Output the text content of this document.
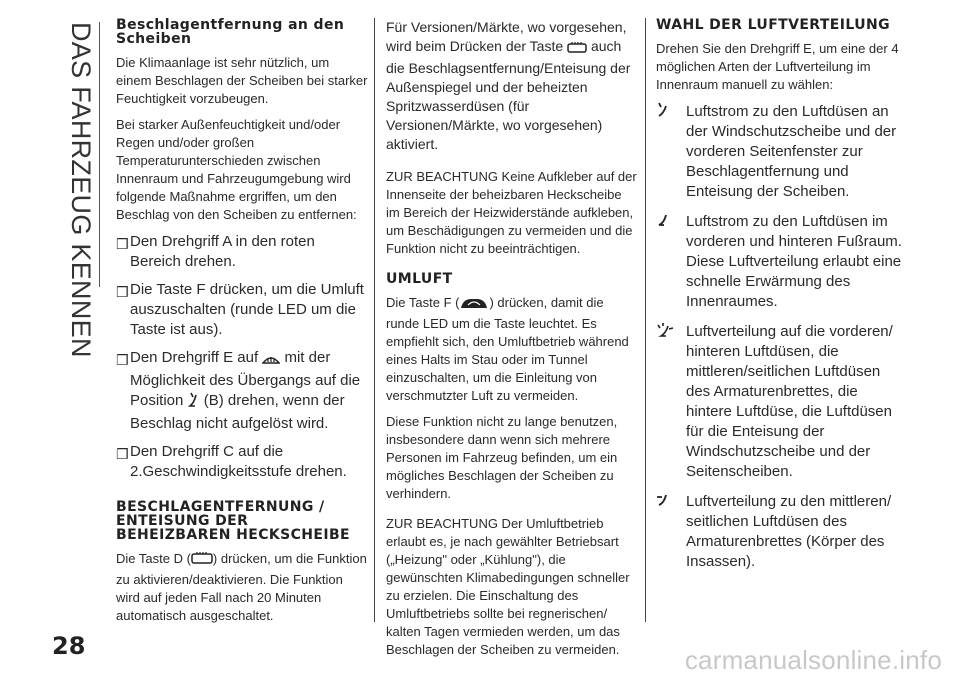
DAS FAHRZEUG KENNEN Beschlagentfernung an den Scheiben

Die Klimaanlage ist sehr nützlich, um einem Beschlagen der Scheiben bei starker Feuchtigkeit vorzubeugen.

Bei starker Außenfeuchtigkeit und/oder Regen und/oder großen Temperaturunterschieden zwischen Innenraum und Fahrzeugumgebung wird folgende Maßnahme ergriffen, um den Beschlag von den Scheiben zu entfernen:

❒ Den Drehgriff A in den roten Bereich drehen.
❒ Die Taste F drücken, um die Umluft auszuschalten (runde LED um die Taste ist aus).
❒ Den Drehgriff E auf mit der Möglichkeit des Übergangs auf die Position (B) drehen, wenn der Beschlag nicht aufgelöst wird.
❒ Den Drehgriff C auf die 2.Geschwindigkeitsstufe drehen.
BESCHLAGENTFERNUNG / ENTEISUNG DER BEHEIZBAREN HECKSCHEIBE

Die Taste D ( ) drücken, um die Funktion zu aktivieren/deaktivieren. Die Funktion wird auf jeden Fall nach 20 Minuten automatisch ausgeschaltet.

Für Versionen/Märkte, wo vorgesehen, wird beim Drücken der Taste auch die Beschlagsentfernung/Enteisung der Außenspiegel und der beheizten Spritzwasserdüsen (für Versionen/Märkte, wo vorgesehen) aktiviert.

ZUR BEACHTUNG Keine Aufkleber auf der Innenseite der beheizbaren Heckscheibe im Bereich der Heizwiderstände aufkleben, um Beschädigungen zu vermeiden und die Funktion nicht zu beeinträchtigen.

UMLUFT

Die Taste F ( ) drücken, damit die runde LED um die Taste leuchtet. Es empfiehlt sich, den Umluftbetrieb während eines Halts im Stau oder im Tunnel einzuschalten, um die Einleitung von verschmutzter Luft zu vermeiden.

Diese Funktion nicht zu lange benutzen, insbesondere dann wenn sich mehrere Personen im Fahrzeug befinden, um ein mögliches Beschlagen der Scheiben zu verhindern.

ZUR BEACHTUNG Der Umluftbetrieb erlaubt es, je nach gewählter Betriebsart („Heizung" oder „Kühlung"), die gewünschten Klimabedingungen schneller zu erzielen. Die Einschaltung des Umluftbetriebs sollte bei regnerischen/ kalten Tagen vermieden werden, um das Beschlagen der Scheiben zu vermeiden.

WAHL DER LUFTVERTEILUNG

Drehen Sie den Drehgriff E, um eine der 4 möglichen Arten der Luftverteilung im Innenraum manuell zu wählen:

Luftstrom zu den Luftdüsen an der Windschutzscheibe und der vorderen Seitenfenster zur Beschlagentfernung und Enteisung der Scheiben.
Luftstrom zu den Luftdüsen im vorderen und hinteren Fußraum. Diese Luftverteilung erlaubt eine schnelle Erwärmung des Innenraumes.
Luftverteilung auf die vorderen/ hinteren Luftdüsen, die mittleren/seitlichen Luftdüsen des Armaturenbrettes, die hintere Luftdüse, die Luftdüsen für die Enteisung der Windschutzscheibe und der Seitenscheiben.
Luftverteilung zu den mittleren/ seitlichen Luftdüsen des Armaturenbrettes (Körper des Insassen).
28	carmanualsonline.info
